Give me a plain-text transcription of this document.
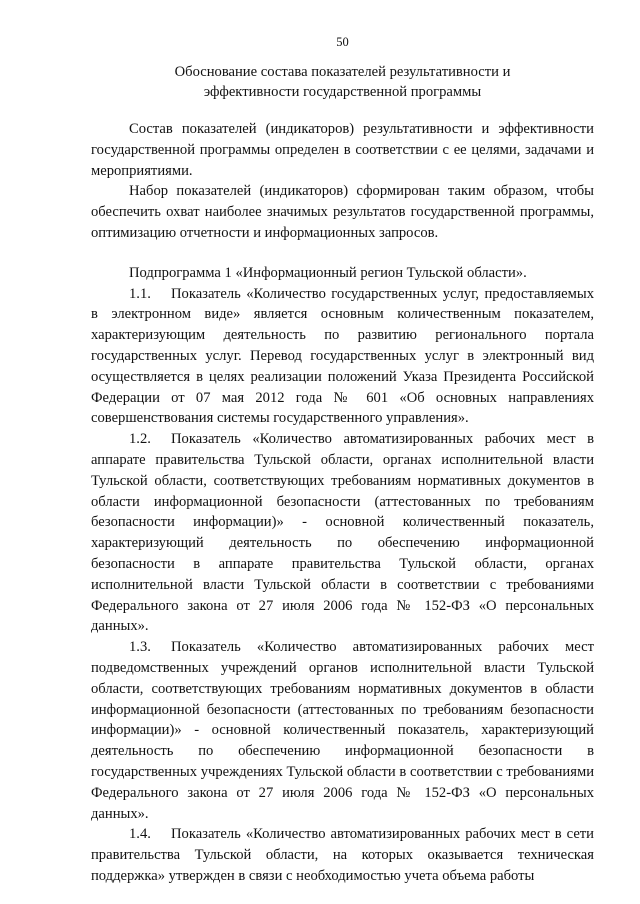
50
Обоснование состава показателей результативности и
эффективности государственной программы

Состав показателей (индикаторов) результативности и эффективности государственной программы определен в соответствии с ее целями, задачами и мероприятиями.

Набор показателей (индикаторов) сформирован таким образом, чтобы обеспечить охват наиболее значимых результатов государственной программы, оптимизацию отчетности и информационных запросов.

Подпрограмма 1 «Информационный регион Тульской области».

1.1. Показатель «Количество государственных услуг, предоставляемых в электронном виде» является основным количественным показателем, характеризующим деятельность по развитию регионального портала государственных услуг. Перевод государственных услуг в электронный вид осуществляется в целях реализации положений Указа Президента Российской Федерации от 07 мая 2012 года № 601 «Об основных направлениях совершенствования системы государственного управления».

1.2. Показатель «Количество автоматизированных рабочих мест в аппарате правительства Тульской области, органах исполнительной власти Тульской области, соответствующих требованиям нормативных документов в области информационной безопасности (аттестованных по требованиям безопасности информации)» - основной количественный показатель, характеризующий деятельность по обеспечению информационной безопасности в аппарате правительства Тульской области, органах исполнительной власти Тульской области в соответствии с требованиями Федерального закона от 27 июля 2006 года № 152-ФЗ «О персональных данных».

1.3. Показатель «Количество автоматизированных рабочих мест подведомственных учреждений органов исполнительной власти Тульской области, соответствующих требованиям нормативных документов в области информационной безопасности (аттестованных по требованиям безопасности информации)» - основной количественный показатель, характеризующий деятельность по обеспечению информационной безопасности в государственных учреждениях Тульской области в соответствии с требованиями Федерального закона от 27 июля 2006 года № 152-ФЗ «О персональных данных».

1.4. Показатель «Количество автоматизированных рабочих мест в сети правительства Тульской области, на которых оказывается техническая поддержка» утвержден в связи с необходимостью учета объема работы
